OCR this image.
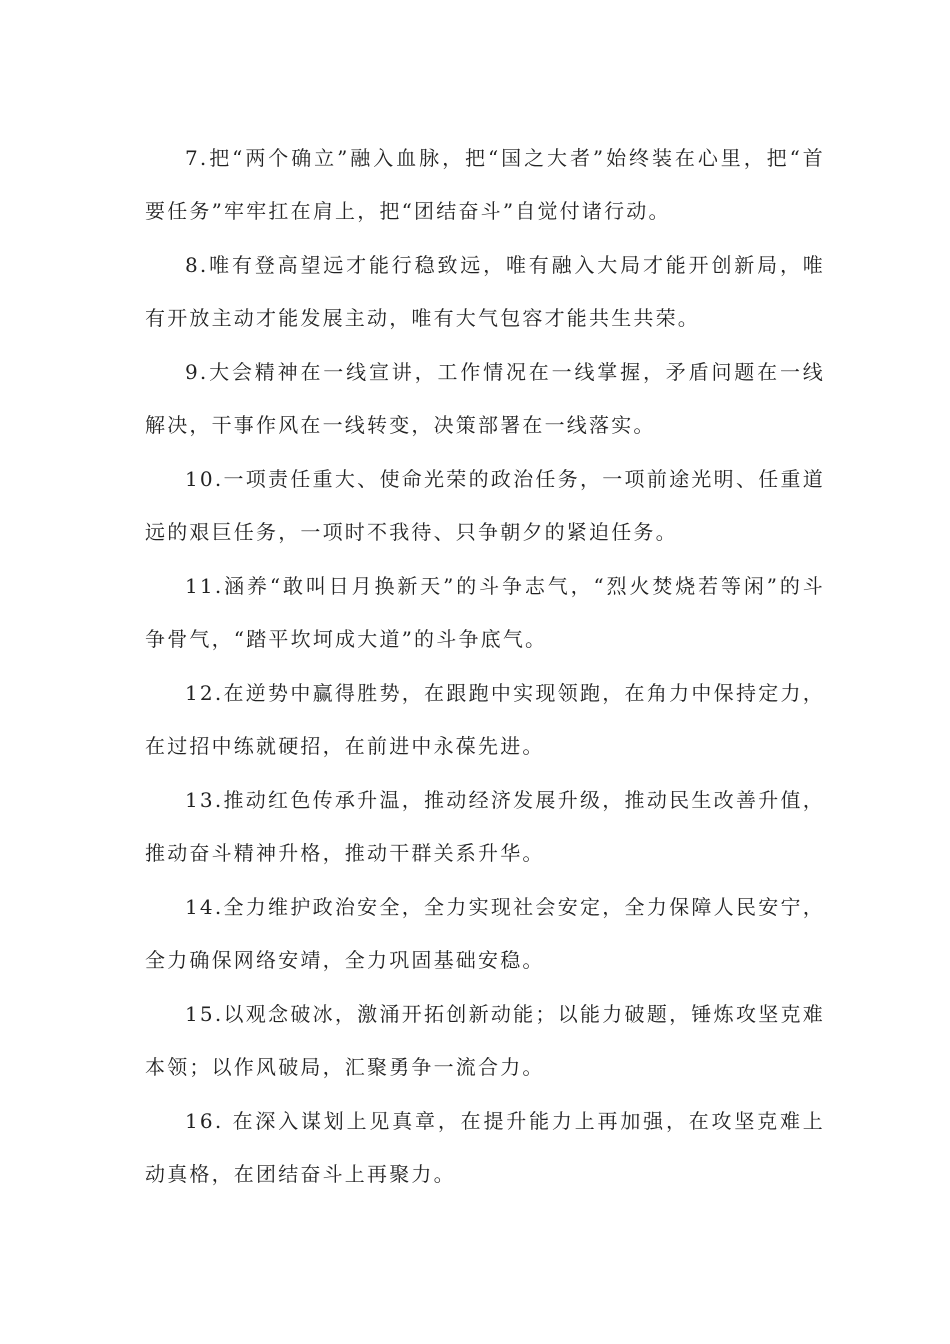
7.把“两个确立”融入血脉，把“国之大者”始终装在心里，把“首要任务”牢牢扛在肩上，把“团结奋斗”自觉付诸行动。

8.唯有登高望远才能行稳致远，唯有融入大局才能开创新局，唯有开放主动才能发展主动，唯有大气包容才能共生共荣。

9.大会精神在一线宣讲，工作情况在一线掌握，矛盾问题在一线解决，干事作风在一线转变，决策部署在一线落实。

10.一项责任重大、使命光荣的政治任务，一项前途光明、任重道远的艰巨任务，一项时不我待、只争朝夕的紧迫任务。

11.涵养“敢叫日月换新天”的斗争志气，“烈火焚烧若等闲”的斗争骨气，“踏平坎坷成大道”的斗争底气。

12.在逆势中赢得胜势，在跟跑中实现领跑，在角力中保持定力，在过招中练就硬招，在前进中永葆先进。

13.推动红色传承升温，推动经济发展升级，推动民生改善升值，推动奋斗精神升格，推动干群关系升华。

14.全力维护政治安全，全力实现社会安定，全力保障人民安宁，全力确保网络安靖，全力巩固基础安稳。

15.以观念破冰，激涌开拓创新动能；以能力破题，锤炼攻坚克难本领；以作风破局，汇聚勇争一流合力。

16. 在深入谋划上见真章，在提升能力上再加强，在攻坚克难上动真格，在团结奋斗上再聚力。
